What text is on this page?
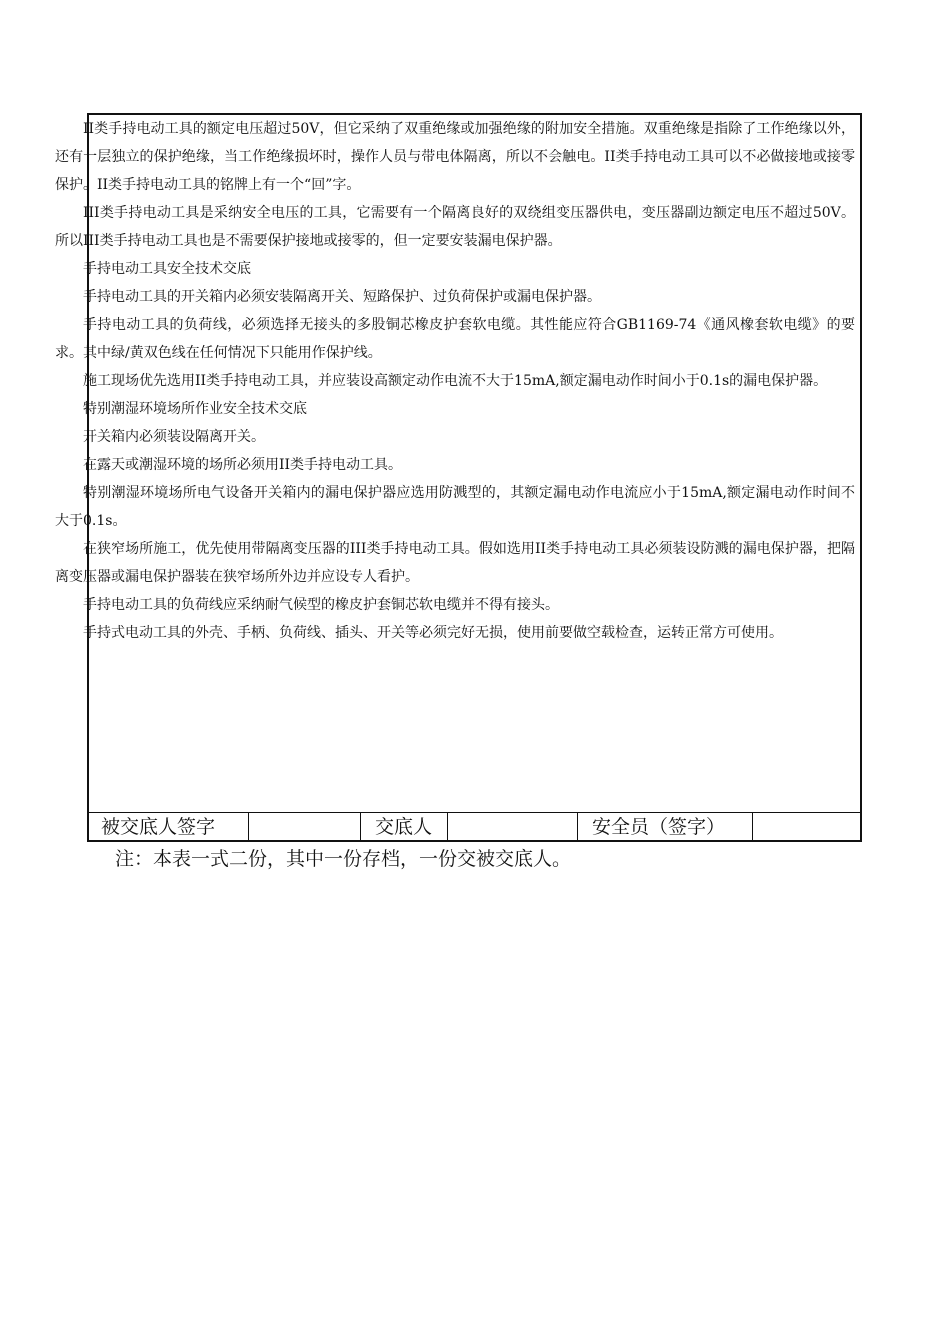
II类手持电动工具的额定电压超过50V，但它采纳了双重绝缘或加强绝缘的附加安全措施。双重绝缘是指除了工作绝缘以外，还有一层独立的保护绝缘，当工作绝缘损坏时，操作人员与带电体隔离，所以不会触电。II类手持电动工具可以不必做接地或接零保护。II类手持电动工具的铭牌上有一个“回”字。

III类手持电动工具是采纳安全电压的工具，它需要有一个隔离良好的双绕组变压器供电，变压器副边额定电压不超过50V。所以III类手持电动工具也是不需要保护接地或接零的，但一定要安装漏电保护器。

手持电动工具安全技术交底

手持电动工具的开关箱内必须安装隔离开关、短路保护、过负荷保护或漏电保护器。

手持电动工具的负荷线，必须选择无接头的多股铜芯橡皮护套软电缆。其性能应符合GB1169-74《通风橡套软电缆》的要求。其中绿/黄双色线在任何情况下只能用作保护线。

施工现场优先选用II类手持电动工具，并应装设高额定动作电流不大于15mA,额定漏电动作时间小于0.1s的漏电保护器。

特别潮湿环境场所作业安全技术交底

开关箱内必须装设隔离开关。

在露天或潮湿环境的场所必须用II类手持电动工具。

特别潮湿环境场所电气设备开关箱内的漏电保护器应选用防溅型的，其额定漏电动作电流应小于15mA,额定漏电动作时间不大于0.1s。

在狭窄场所施工，优先使用带隔离变压器的III类手持电动工具。假如选用II类手持电动工具必须装设防溅的漏电保护器，把隔离变压器或漏电保护器装在狭窄场所外边并应设专人看护。

手持电动工具的负荷线应采纳耐气候型的橡皮护套铜芯软电缆并不得有接头。

手持式电动工具的外壳、手柄、负荷线、插头、开关等必须完好无损，使用前要做空载检查，运转正常方可使用。

被交底人签字	交底人	安全员（签字）
注：本表一式二份，其中一份存档，一份交被交底人。
